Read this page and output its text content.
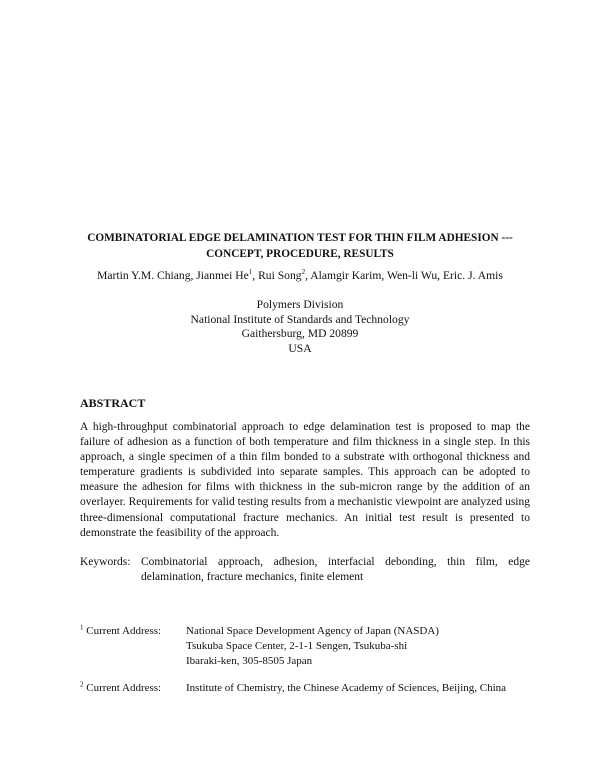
COMBINATORIAL EDGE DELAMINATION TEST FOR THIN FILM ADHESION ---
CONCEPT, PROCEDURE, RESULTS
Martin Y.M. Chiang, Jianmei He$^1$, Rui Song$^2$, Alamgir Karim, Wen-li Wu, Eric. J. Amis
Polymers Division
National Institute of Standards and Technology
Gaithersburg, MD 20899
USA
ABSTRACT
A high-throughput combinatorial approach to edge delamination test is proposed to map the failure of adhesion as a function of both temperature and film thickness in a single step. In this approach, a single specimen of a thin film bonded to a substrate with orthogonal thickness and temperature gradients is subdivided into separate samples. This approach can be adopted to measure the adhesion for films with thickness in the sub-micron range by the addition of an overlayer. Requirements for valid testing results from a mechanistic viewpoint are analyzed using three-dimensional computational fracture mechanics. An initial test result is presented to demonstrate the feasibility of the approach.
Keywords: Combinatorial approach, adhesion, interfacial debonding, thin film, edge
delamination, fracture mechanics, finite element
$^1$ Current Address:	National Space Development Agency of Japan (NASDA)
Tsukuba Space Center, 2-1-1 Sengen, Tsukuba-shi
Ibaraki-ken, 305-8505 Japan
$^2$ Current Address:	Institute of Chemistry, the Chinese Academy of Sciences, Beijing, China
